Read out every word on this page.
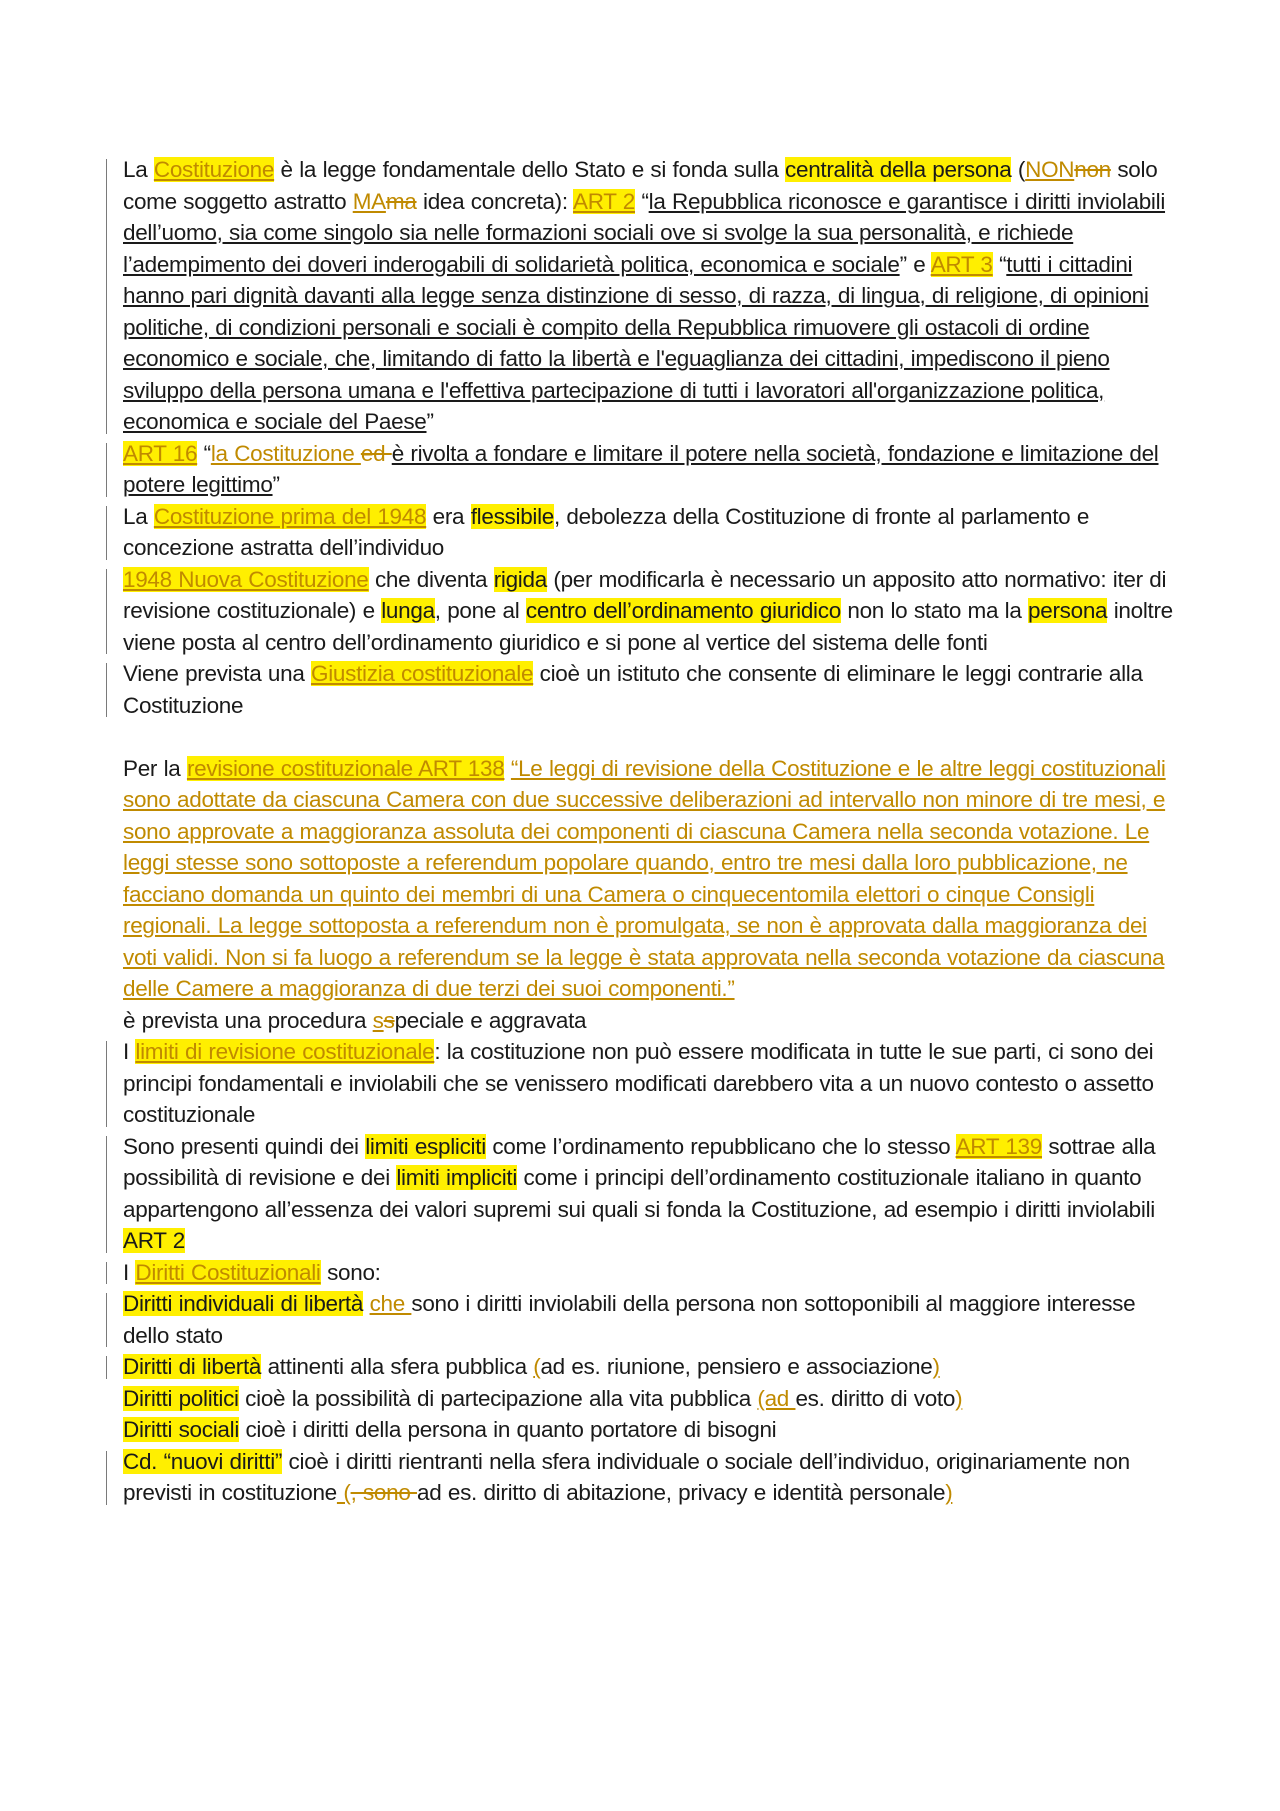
La Costituzione è la legge fondamentale dello Stato e si fonda sulla centralità della persona (NONnon solo come soggetto astratto MAma idea concreta): ART 2 “la Repubblica riconosce e garantisce i diritti inviolabili dell’uomo, sia come singolo sia nelle formazioni sociali ove si svolge la sua personalità, e richiede l’adempimento dei doveri inderogabili di solidarietà politica, economica e sociale” e ART 3 “tutti i cittadini hanno pari dignità davanti alla legge senza distinzione di sesso, di razza, di lingua, di religione, di opinioni politiche, di condizioni personali e sociali è compito della Repubblica rimuovere gli ostacoli di ordine economico e sociale, che, limitando di fatto la libertà e l'eguaglianza dei cittadini, impediscono il pieno sviluppo della persona umana e l'effettiva partecipazione di tutti i lavoratori all'organizzazione politica, economica e sociale del Paese”

ART 16 “la Costituzione ed è rivolta a fondare e limitare il potere nella società, fondazione e limitazione del potere legittimo”

La Costituzione prima del 1948 era flessibile, debolezza della Costituzione di fronte al parlamento e concezione astratta dell’individuo

1948 Nuova Costituzione che diventa rigida (per modificarla è necessario un apposito atto normativo: iter di revisione costituzionale) e lunga, pone al centro dell’ordinamento giuridico non lo stato ma la persona inoltre viene posta al centro dell’ordinamento giuridico e si pone al vertice del sistema delle fonti

Viene prevista una Giustizia costituzionale cioè un istituto che consente di eliminare le leggi contrarie alla Costituzione

Per la revisione costituzionale ART 138 “Le leggi di revisione della Costituzione e le altre leggi costituzionali sono adottate da ciascuna Camera con due successive deliberazioni ad intervallo non minore di tre mesi, e sono approvate a maggioranza assoluta dei componenti di ciascuna Camera nella seconda votazione. Le leggi stesse sono sottoposte a referendum popolare quando, entro tre mesi dalla loro pubblicazione, ne facciano domanda un quinto dei membri di una Camera o cinquecentomila elettori o cinque Consigli regionali. La legge sottoposta a referendum non è promulgata, se non è approvata dalla maggioranza dei voti validi. Non si fa luogo a referendum se la legge è stata approvata nella seconda votazione da ciascuna delle Camere a maggioranza di due terzi dei suoi componenti.”

è prevista una procedura sspeciale e aggravata

I limiti di revisione costituzionale: la costituzione non può essere modificata in tutte le sue parti, ci sono dei principi fondamentali e inviolabili che se venissero modificati darebbero vita a un nuovo contesto o assetto costituzionale

Sono presenti quindi dei limiti espliciti come l’ordinamento repubblicano che lo stesso ART 139 sottrae alla possibilità di revisione e dei limiti impliciti come i principi dell’ordinamento costituzionale italiano in quanto appartengono all’essenza dei valori supremi sui quali si fonda la Costituzione, ad esempio i diritti inviolabili ART 2

I Diritti Costituzionali sono:

Diritti individuali di libertà che sono i diritti inviolabili della persona non sottoponibili al maggiore interesse dello stato

Diritti di libertà attinenti alla sfera pubblica (ad es. riunione, pensiero e associazione)

Diritti politici cioè la possibilità di partecipazione alla vita pubblica (ad es. diritto di voto)

Diritti sociali cioè i diritti della persona in quanto portatore di bisogni

Cd. “nuovi diritti” cioè i diritti rientranti nella sfera individuale o sociale dell’individuo, originariamente non previsti in costituzione (, sono ad es. diritto di abitazione, privacy e identità personale)
